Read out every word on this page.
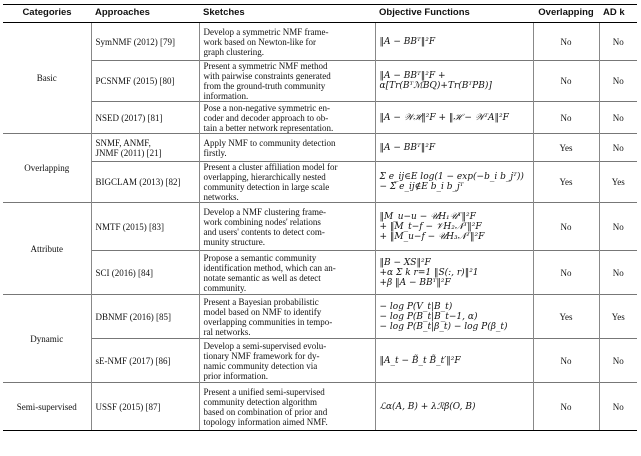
Categories	Approaches	Sketches	Objective Functions	Overlapping	AD k
Basic	SymNMF (2012) [79]	Develop a symmetric NMF frame-
work based on Newton-like for
graph clustering.	‖A − BBᵀ‖²F	No	No

	PCSNMF (2015) [80]	Present a symmetric NMF method
with pairwise constraints generated
from the ground-truth community
information.	‖A − BBᵀ‖²F +
α[Tr(BᵀℳBQ)+Tr(BᵀPB)]	No	No

	NSED (2017) [81]	Pose a non-negative symmetric en-
coder and decoder approach to ob-
tain a better network representation.	‖A − 𝒲ℋ‖²F + ‖ℋ − 𝒲ᵀA‖²F	No	No
Overlapping	SNMF, ANMF,
JNMF (2011) [21]	Apply NMF to community detection
firstly.	‖A − BBᵀ‖²F	Yes	No

	BIGCLAM (2013) [82]	Present a cluster affiliation model for
overlapping, hierarchically nested
community detection in large scale
networks.	Σ e_ij∈E log(1 − exp(−b_i b_jᵀ))
− Σ e_ij∉E b_i b_jᵀ	Yes	Yes
Attribute	NMTF (2015) [83]	Develop a NMF clustering frame-
work combining nodes' relations
and users' contents to detect com-
munity structure.	‖M_u−u − 𝒰H₁𝒰ᵀ‖²F
+ ‖M_t−f − 𝒱H₂𝒩ᵀ‖²F
+ ‖M_u−f − 𝒰H₃𝒩ᵀ‖²F	No	No

	SCI (2016) [84]	Propose a semantic community
identification method, which can an-
notate semantic as well as detect
community.	‖B − XS‖²F
+α Σ k r=1 ‖S(:, r)‖²1
+β ‖A − BBᵀ‖²F	No	No
Dynamic	DBNMF (2016) [85]	Present a Bayesian probabilistic
model based on NMF to identify
overlapping communities in tempo-
ral networks.	− log P(V_t|B_t)
− log P(B_t|B_t−1, α)
− log P(B_t|β_t) − log P(β_t)	Yes	Yes

	sE-NMF (2017) [86]	Develop a semi-supervised evolu-
tionary NMF framework for dy-
namic community detection via
prior information.	‖A_t − B̃_t B̃_t′‖²F	No	No
Semi-supervised	USSF (2015) [87]	Present a unified semi-supervised
community detection algorithm
based on combination of prior and
topology information aimed NMF.	ℒα(A, B) + λℛβ(O, B)	No	No
